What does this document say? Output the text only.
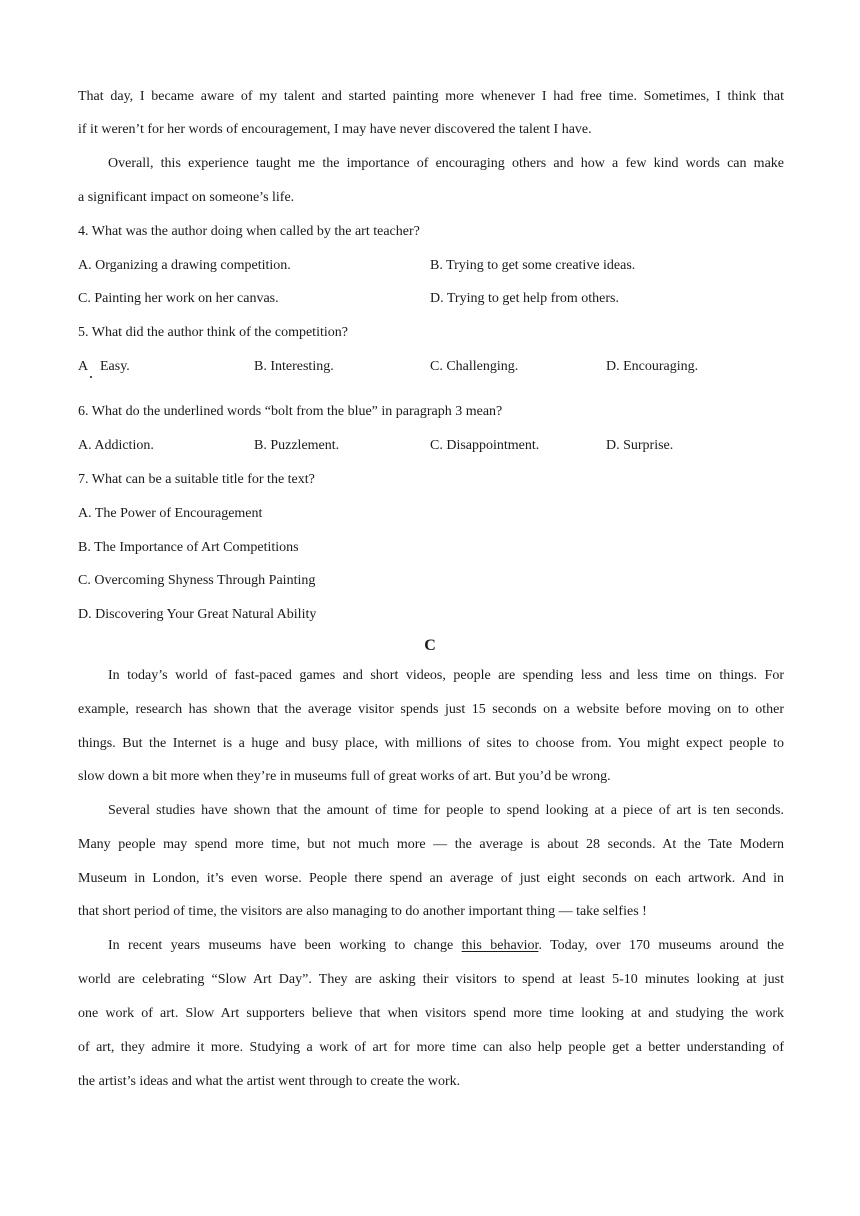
That day, I became aware of my talent and started painting more whenever I had free time. Sometimes, I think that
if it weren’t for her words of encouragement, I may have never discovered the talent I have.
Overall, this experience taught me the importance of encouraging others and how a few kind words can make
a significant impact on someone’s life.
4. What was the author doing when called by the art teacher?
A. Organizing a drawing competition.	B. Trying to get some creative ideas.
C. Painting her work on her canvas.	D. Trying to get help from others.
5. What did the author think of the competition?
A Easy.	B. Interesting.	C. Challenging.	D. Encouraging.
6. What do the underlined words “bolt from the blue” in paragraph 3 mean?
A. Addiction.	B. Puzzlement.	C. Disappointment.	D. Surprise.
7. What can be a suitable title for the text?
A. The Power of Encouragement
B. The Importance of Art Competitions
C. Overcoming Shyness Through Painting
D. Discovering Your Great Natural Ability
C
In today’s world of fast-paced games and short videos, people are spending less and less time on things. For
example, research has shown that the average visitor spends just 15 seconds on a website before moving on to other
things. But the Internet is a huge and busy place, with millions of sites to choose from. You might expect people to
slow down a bit more when they’re in museums full of great works of art. But you’d be wrong.
Several studies have shown that the amount of time for people to spend looking at a piece of art is ten seconds.
Many people may spend more time, but not much more — the average is about 28 seconds. At the Tate Modern
Museum in London, it’s even worse. People there spend an average of just eight seconds on each artwork. And in
that short period of time, the visitors are also managing to do another important thing — take selfies !
In recent years museums have been working to change this behavior. Today, over 170 museums around the
world are celebrating “Slow Art Day”. They are asking their visitors to spend at least 5-10 minutes looking at just
one work of art. Slow Art supporters believe that when visitors spend more time looking at and studying the work
of art, they admire it more. Studying a work of art for more time can also help people get a better understanding of
the artist’s ideas and what the artist went through to create the work.
